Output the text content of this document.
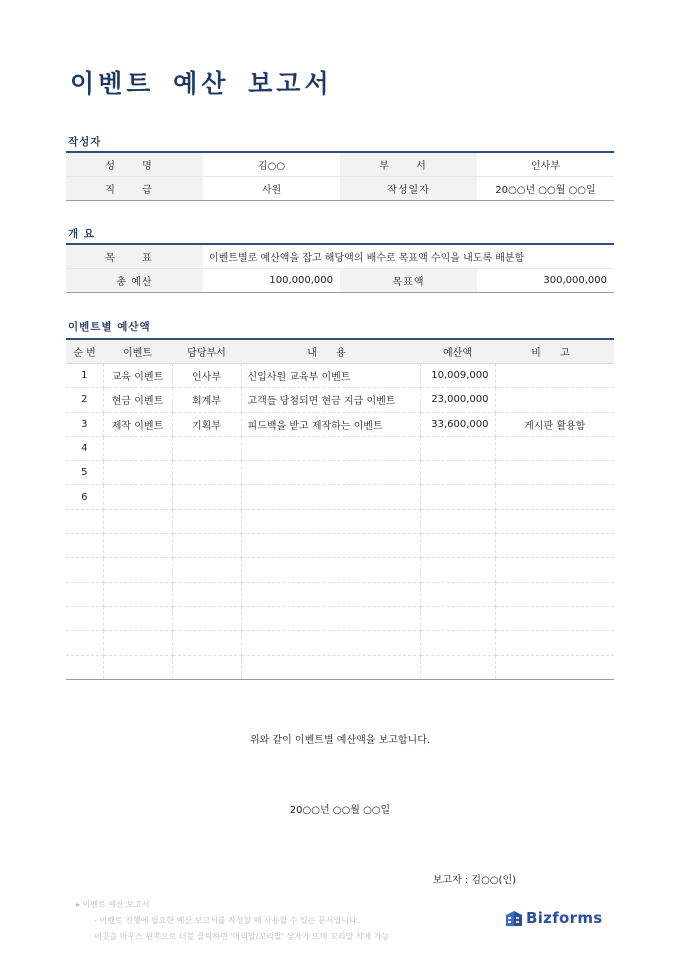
이벤트 예산 보고서
작성자
성 명	김○○	부 서	인사부
직 급	사원	작성일자	20○○년 ○○월 ○○일
개 요
목 표	이벤트별로 예산액을 잡고 해당액의 배수로 목표액 수익을 내도록 배분함		
총 예산	100,000,000	목표액	300,000,000
이벤트별 예산액
순 번	이벤트	담당부서	내 용	예산액	비 고
1	교육 이벤트	인사부	신입사원 교육부 이벤트	10,009,000	
2	현금 이벤트	회계부	고객들 당첨되면 현금 지급 이벤트	23,000,000	
3	제작 이벤트	기획부	피드백을 받고 제작하는 이벤트	33,600,000	게시판 활용함
4					
5					
6					

위와 같이 이벤트별 예산액을 보고합니다.
20○○년 ○○월 ○○일
보고자 : 김○○(인)
▸ 이벤트 예산 보고서
- 이벤트 진행에 필요한 예산 보고서를 작성할 때 사용할 수 있는 문서입니다.
이곳을 마우스 왼쪽으로 더블 클릭하면 '머리말/꼬리말' 상자가 뜨며 꼬리말 삭제 가능
Bizforms
